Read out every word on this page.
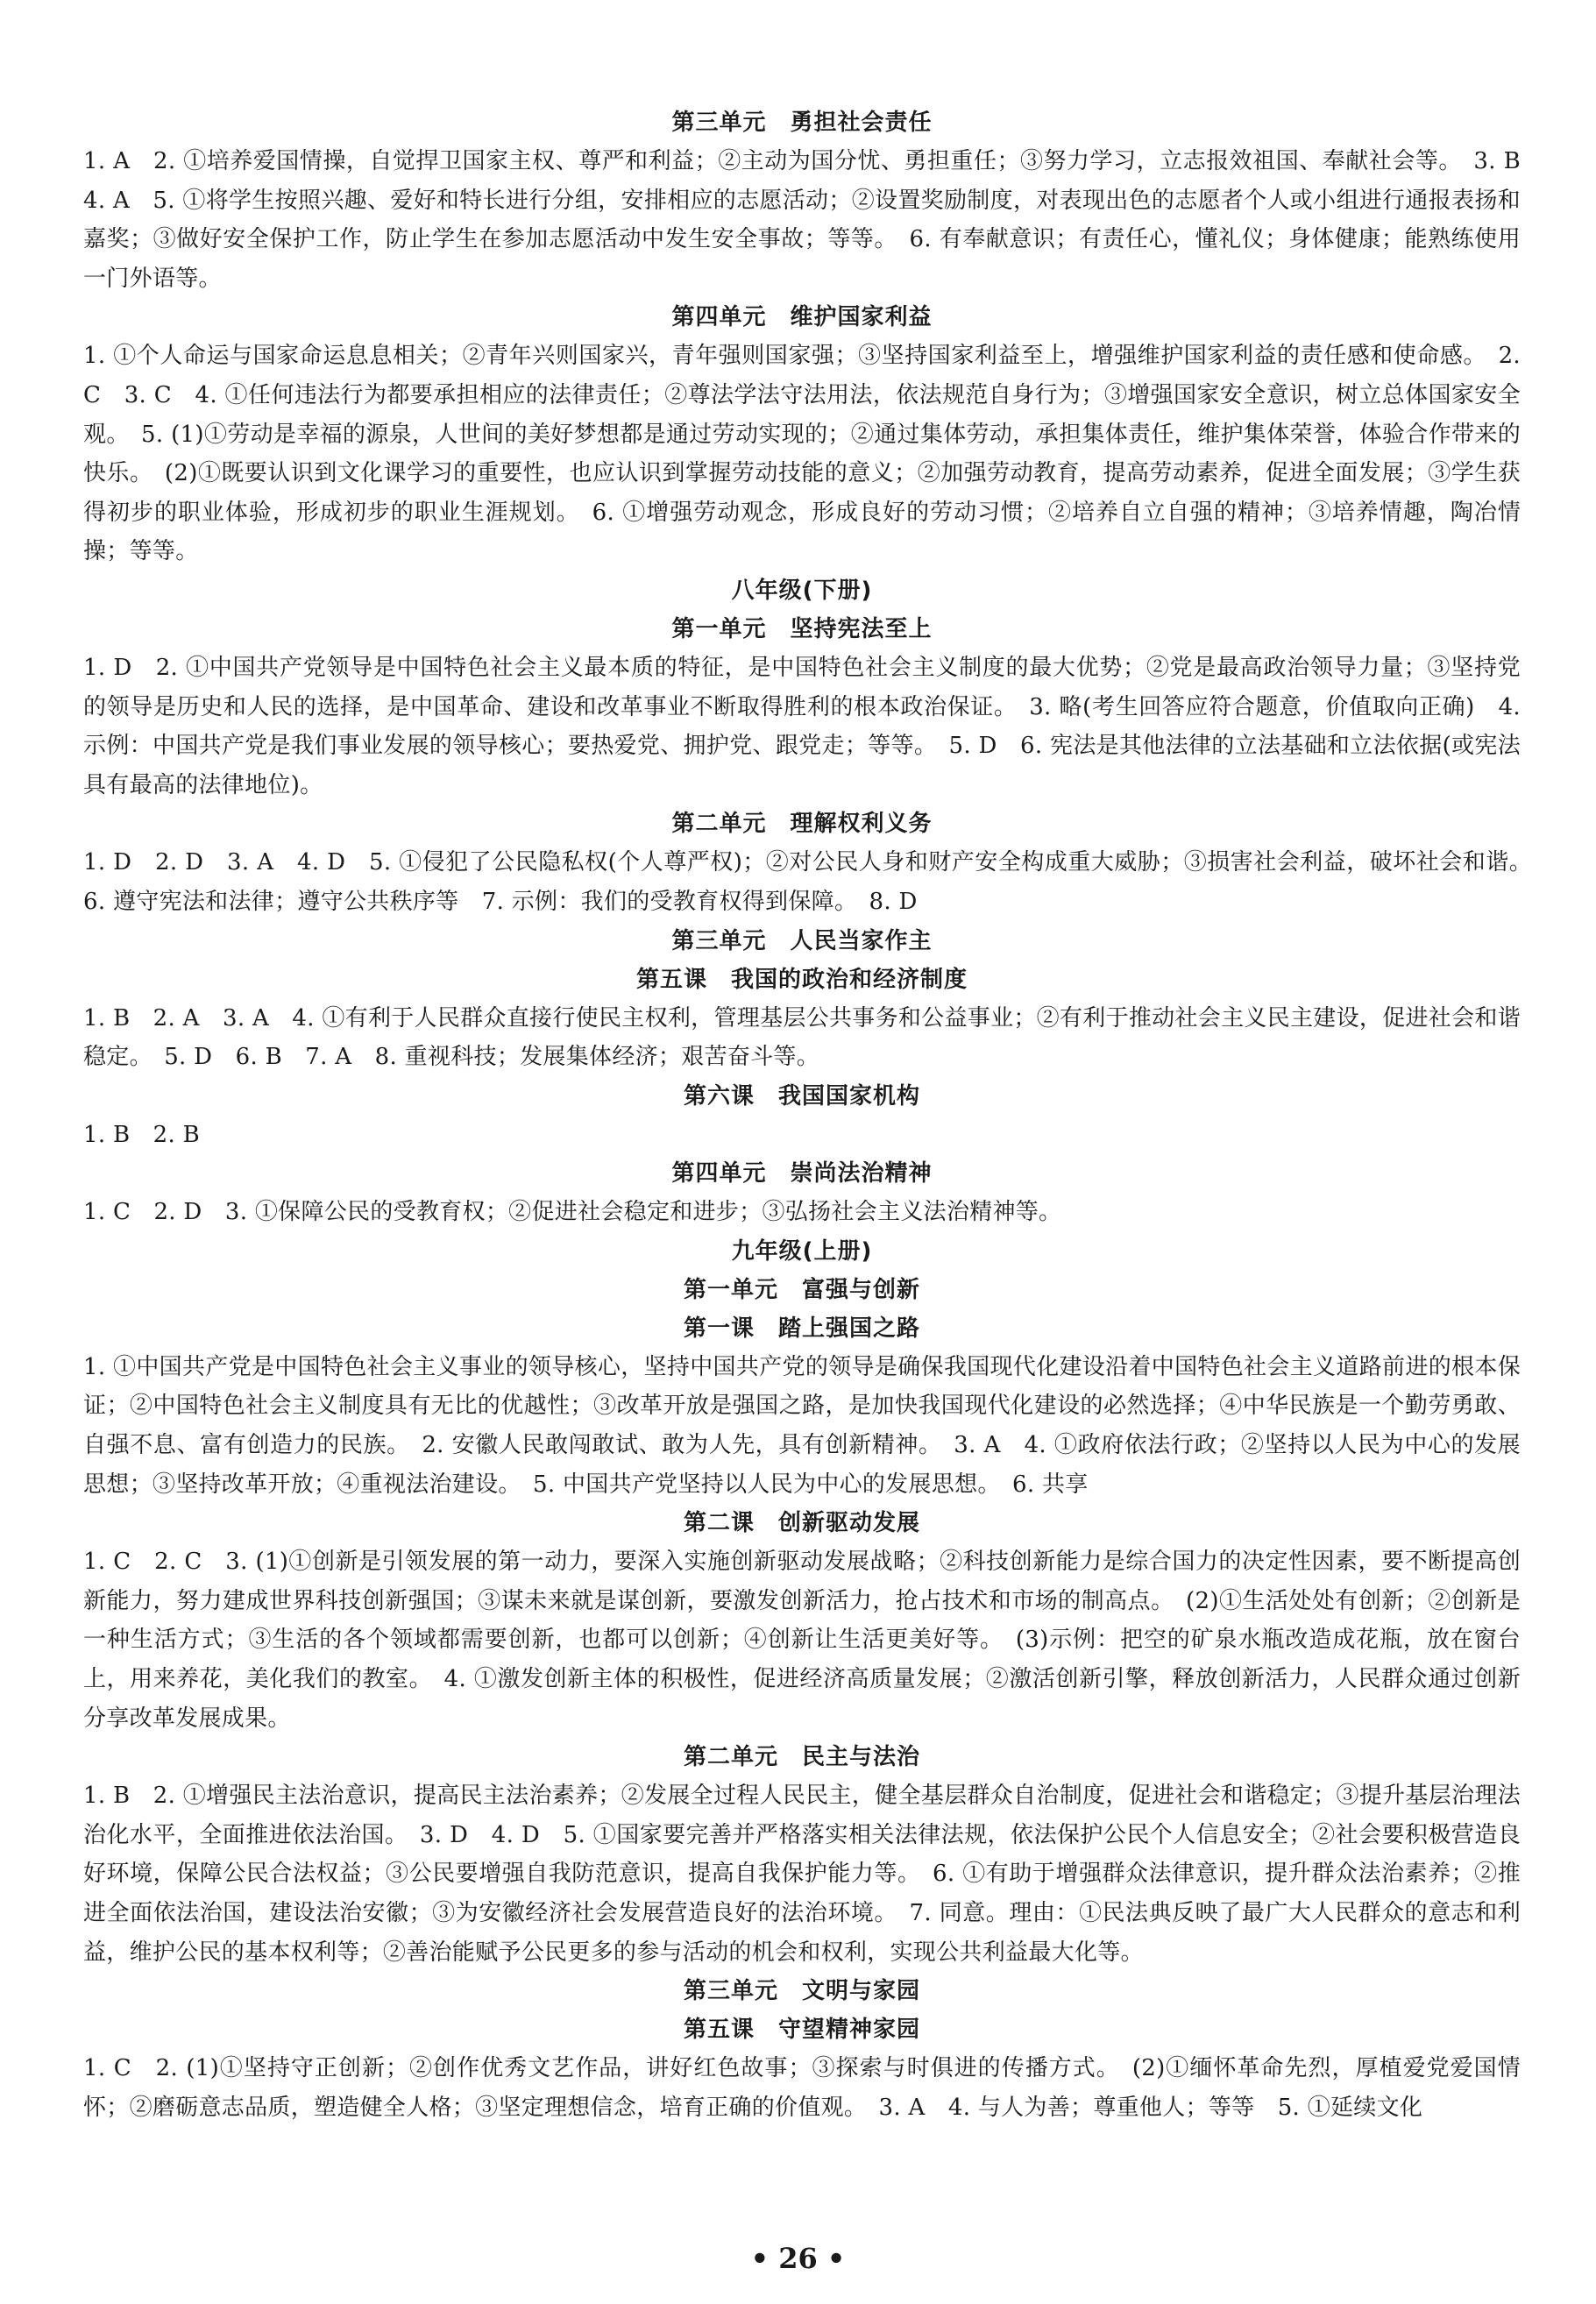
第三单元　勇担社会责任
1. A　2. ①培养爱国情操，自觉捍卫国家主权、尊严和利益；②主动为国分忧、勇担重任；③努力学习，立志报效祖国、奉献社会等。　3. B　4. A　5. ①将学生按照兴趣、爱好和特长进行分组，安排相应的志愿活动；②设置奖励制度，对表现出色的志愿者个人或小组进行通报表扬和嘉奖；③做好安全保护工作，防止学生在参加志愿活动中发生安全事故；等等。　6. 有奉献意识；有责任心，懂礼仪；身体健康；能熟练使用一门外语等。
第四单元　维护国家利益
1. ①个人命运与国家命运息息相关；②青年兴则国家兴，青年强则国家强；③坚持国家利益至上，增强维护国家利益的责任感和使命感。　2. C　3. C　4. ①任何违法行为都要承担相应的法律责任；②尊法学法守法用法，依法规范自身行为；③增强国家安全意识，树立总体国家安全观。　5. (1)①劳动是幸福的源泉，人世间的美好梦想都是通过劳动实现的；②通过集体劳动，承担集体责任，维护集体荣誉，体验合作带来的快乐。　(2)①既要认识到文化课学习的重要性，也应认识到掌握劳动技能的意义；②加强劳动教育，提高劳动素养，促进全面发展；③学生获得初步的职业体验，形成初步的职业生涯规划。　6. ①增强劳动观念，形成良好的劳动习惯；②培养自立自强的精神；③培养情趣，陶冶情操；等等。
八年级(下册)
第一单元　坚持宪法至上
1. D　2. ①中国共产党领导是中国特色社会主义最本质的特征，是中国特色社会主义制度的最大优势；②党是最高政治领导力量；③坚持党的领导是历史和人民的选择，是中国革命、建设和改革事业不断取得胜利的根本政治保证。　3. 略(考生回答应符合题意，价值取向正确)　4. 示例：中国共产党是我们事业发展的领导核心；要热爱党、拥护党、跟党走；等等。　5. D　6. 宪法是其他法律的立法基础和立法依据(或宪法具有最高的法律地位)。
第二单元　理解权利义务
1. D　2. D　3. A　4. D　5. ①侵犯了公民隐私权(个人尊严权)；②对公民人身和财产安全构成重大威胁；③损害社会利益，破坏社会和谐。　6. 遵守宪法和法律；遵守公共秩序等　7. 示例：我们的受教育权得到保障。　8. D
第三单元　人民当家作主
第五课　我国的政治和经济制度
1. B　2. A　3. A　4. ①有利于人民群众直接行使民主权利，管理基层公共事务和公益事业；②有利于推动社会主义民主建设，促进社会和谐稳定。　5. D　6. B　7. A　8. 重视科技；发展集体经济；艰苦奋斗等。
第六课　我国国家机构
1. B　2. B
第四单元　崇尚法治精神
1. C　2. D　3. ①保障公民的受教育权；②促进社会稳定和进步；③弘扬社会主义法治精神等。
九年级(上册)
第一单元　富强与创新
第一课　踏上强国之路
1. ①中国共产党是中国特色社会主义事业的领导核心，坚持中国共产党的领导是确保我国现代化建设沿着中国特色社会主义道路前进的根本保证；②中国特色社会主义制度具有无比的优越性；③改革开放是强国之路，是加快我国现代化建设的必然选择；④中华民族是一个勤劳勇敢、自强不息、富有创造力的民族。　2. 安徽人民敢闯敢试、敢为人先，具有创新精神。　3. A　4. ①政府依法行政；②坚持以人民为中心的发展思想；③坚持改革开放；④重视法治建设。　5. 中国共产党坚持以人民为中心的发展思想。　6. 共享
第二课　创新驱动发展
1. C　2. C　3. (1)①创新是引领发展的第一动力，要深入实施创新驱动发展战略；②科技创新能力是综合国力的决定性因素，要不断提高创新能力，努力建成世界科技创新强国；③谋未来就是谋创新，要激发创新活力，抢占技术和市场的制高点。　(2)①生活处处有创新；②创新是一种生活方式；③生活的各个领域都需要创新，也都可以创新；④创新让生活更美好等。　(3)示例：把空的矿泉水瓶改造成花瓶，放在窗台上，用来养花，美化我们的教室。　4. ①激发创新主体的积极性，促进经济高质量发展；②激活创新引擎，释放创新活力，人民群众通过创新分享改革发展成果。
第二单元　民主与法治
1. B　2. ①增强民主法治意识，提高民主法治素养；②发展全过程人民民主，健全基层群众自治制度，促进社会和谐稳定；③提升基层治理法治化水平，全面推进依法治国。　3. D　4. D　5. ①国家要完善并严格落实相关法律法规，依法保护公民个人信息安全；②社会要积极营造良好环境，保障公民合法权益；③公民要增强自我防范意识，提高自我保护能力等。　6. ①有助于增强群众法律意识，提升群众法治素养；②推进全面依法治国，建设法治安徽；③为安徽经济社会发展营造良好的法治环境。　7. 同意。理由：①民法典反映了最广大人民群众的意志和利益，维护公民的基本权利等；②善治能赋予公民更多的参与活动的机会和权利，实现公共利益最大化等。
第三单元　文明与家园
第五课　守望精神家园
1. C　2. (1)①坚持守正创新；②创作优秀文艺作品，讲好红色故事；③探索与时俱进的传播方式。　(2)①缅怀革命先烈，厚植爱党爱国情怀；②磨砺意志品质，塑造健全人格；③坚定理想信念，培育正确的价值观。　3. A　4. 与人为善；尊重他人；等等　5. ①延续文化
• 26 •
